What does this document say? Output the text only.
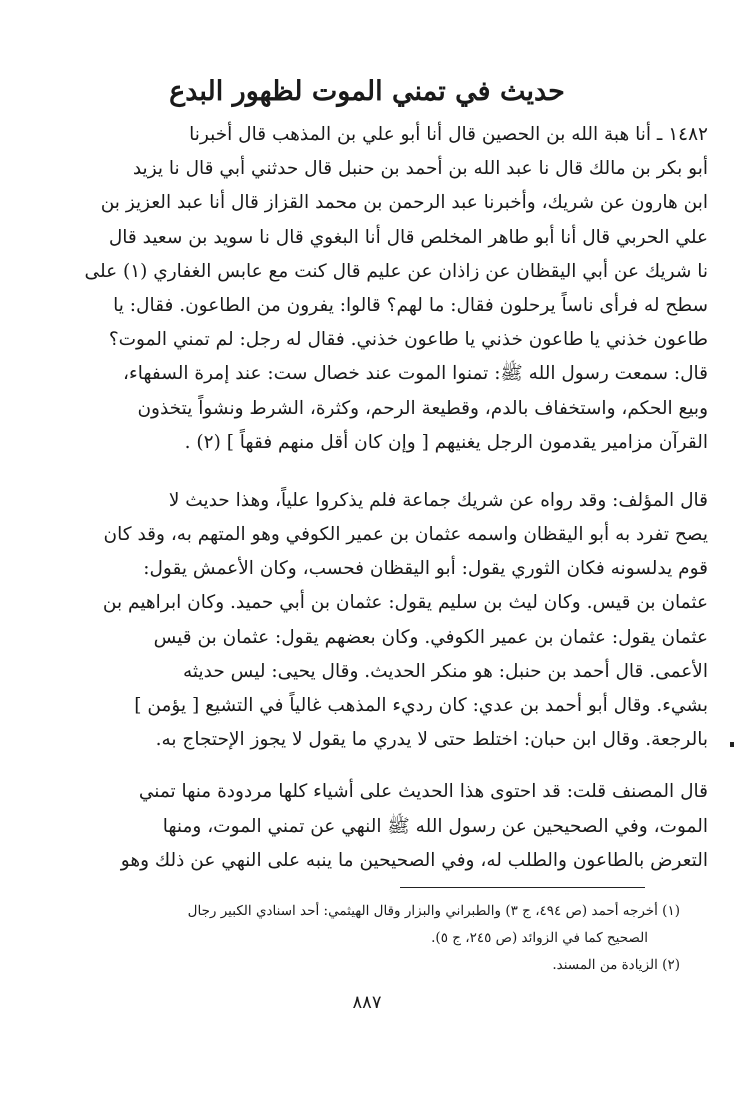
حديث في تمني الموت لظهور البدع
١٤٨٢ ـ أنا هبة الله بن الحصين قال أنا أبو علي بن المذهب قال أخبرنا
أبو بكر بن مالك قال نا عبد الله بن أحمد بن حنبل قال حدثني أبي قال نا يزيد
ابن هارون عن شريك، وأخبرنا عبد الرحمن بن محمد القزاز قال أنا عبد العزيز بن
علي الحربي قال أنا أبو طاهر المخلص قال أنا البغوي قال نا سويد بن سعيد قال
نا شريك عن أبي اليقظان عن زاذان عن عليم قال كنت مع عابس الغفاري (١) على
سطح له فرأى ناساً يرحلون فقال: ما لهم؟ قالوا: يفرون من الطاعون. فقال: يا
طاعون خذني يا طاعون خذني يا طاعون خذني. فقال له رجل: لم تمني الموت؟
قال: سمعت رسول الله ﷺ: تمنوا الموت عند خصال ست: عند إمرة السفهاء،
وبيع الحكم، واستخفاف بالدم، وقطيعة الرحم، وكثرة، الشرط ونشواً يتخذون
القرآن مزامير يقدمون الرجل يغنيهم [ وإن كان أقل منهم فقهاً ] (٢) .
قال المؤلف: وقد رواه عن شريك جماعة فلم يذكروا علياً، وهذا حديث لا
يصح تفرد به أبو اليقظان واسمه عثمان بن عمير الكوفي وهو المتهم به، وقد كان
قوم يدلسونه فكان الثوري يقول: أبو اليقظان فحسب، وكان الأعمش يقول:
عثمان بن قيس. وكان ليث بن سليم يقول: عثمان بن أبي حميد. وكان ابراهيم بن
عثمان يقول: عثمان بن عمير الكوفي. وكان بعضهم يقول: عثمان بن قيس
الأعمى. قال أحمد بن حنبل: هو منكر الحديث. وقال يحيى: ليس حديثه
بشيء. وقال أبو أحمد بن عدي: كان رديء المذهب غالياً في التشيع [ يؤمن ]
بالرجعة. وقال ابن حبان: اختلط حتى لا يدري ما يقول لا يجوز الإحتجاج به.
قال المصنف قلت: قد احتوى هذا الحديث على أشياء كلها مردودة منها تمني
الموت، وفي الصحيحين عن رسول الله ﷺ النهي عن تمني الموت، ومنها
التعرض بالطاعون والطلب له، وفي الصحيحين ما ينبه على النهي عن ذلك وهو
(١) أخرجه أحمد (ص ٤٩٤، ج ٣) والطبراني والبزار وقال الهيثمي: أحد اسنادي الكبير رجال
الصحيح كما في الزوائد (ص ٢٤٥، ج ٥).
(٢) الزيادة من المسند.
٨٨٧
